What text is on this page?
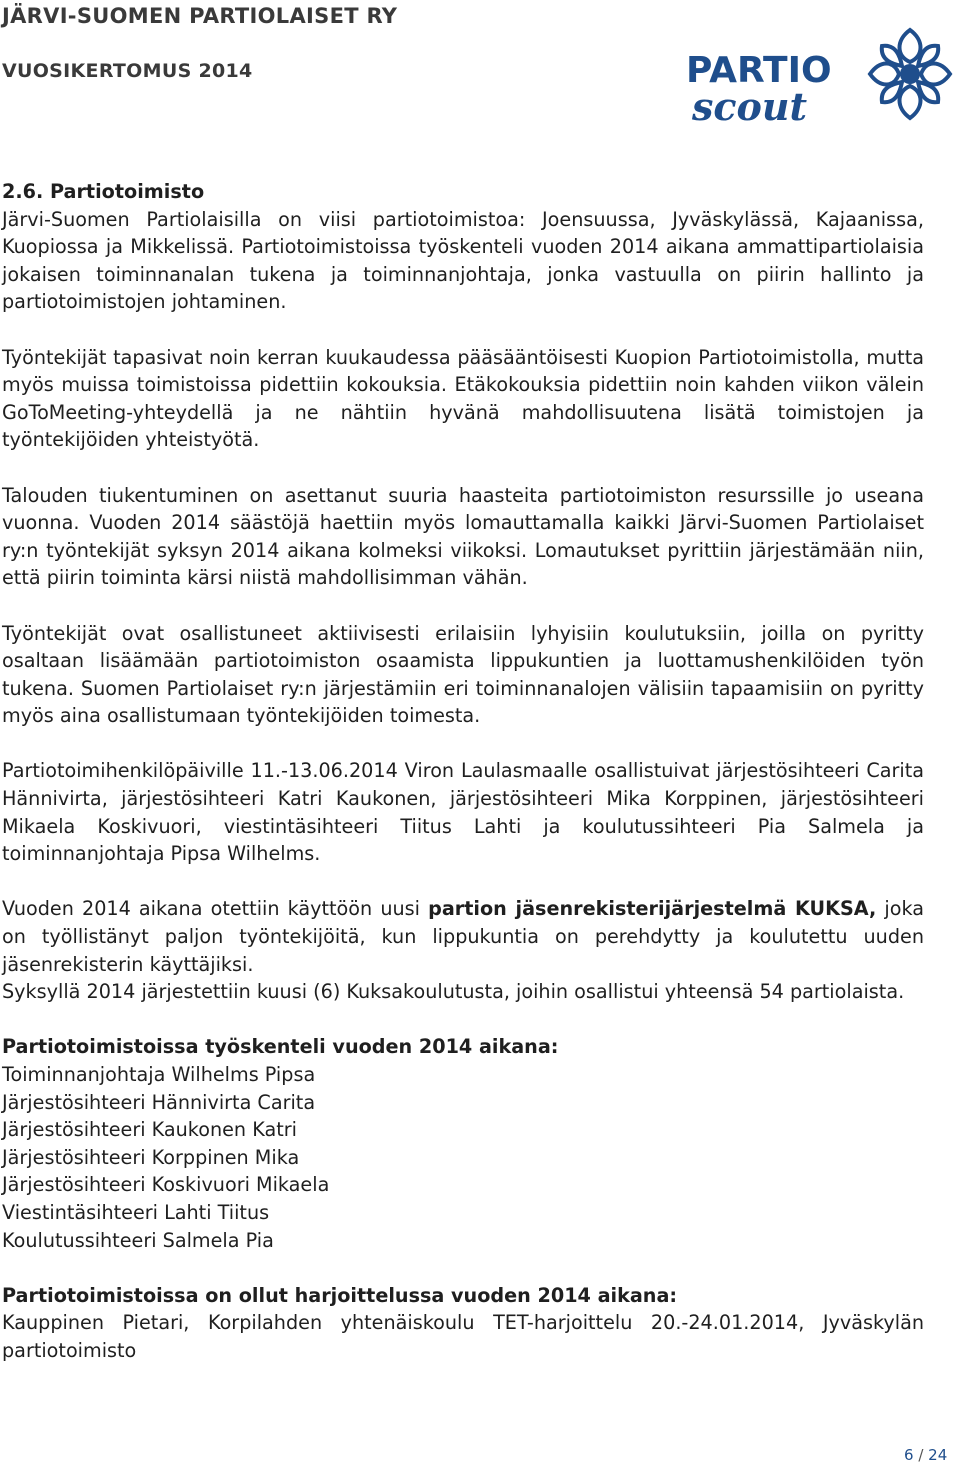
JÄRVI-SUOMEN PARTIOLAISET RY
VUOSIKERTOMUS 2014	PARTIO
scout

2.6. Partiotoimisto

Järvi-Suomen Partiolaisilla on viisi partiotoimistoa: Joensuussa, Jyväskylässä, Kajaanissa, Kuopiossa ja Mikkelissä. Partiotoimistoissa työskenteli vuoden 2014 aikana ammattipartiolaisia jokaisen toiminnanalan tukena ja toiminnanjohtaja, jonka vastuulla on piirin hallinto ja partiotoimistojen johtaminen.

Työntekijät tapasivat noin kerran kuukaudessa pääsääntöisesti Kuopion Partiotoimistolla, mutta myös muissa toimistoissa pidettiin kokouksia. Etäkokouksia pidettiin noin kahden viikon välein GoToMeeting-yhteydellä ja ne nähtiin hyvänä mahdollisuutena lisätä toimistojen ja työntekijöiden yhteistyötä.

Talouden tiukentuminen on asettanut suuria haasteita partiotoimiston resurssille jo useana vuonna. Vuoden 2014 säästöjä haettiin myös lomauttamalla kaikki Järvi-Suomen Partiolaiset ry:n työntekijät syksyn 2014 aikana kolmeksi viikoksi. Lomautukset pyrittiin järjestämään niin, että piirin toiminta kärsi niistä mahdollisimman vähän.

Työntekijät ovat osallistuneet aktiivisesti erilaisiin lyhyisiin koulutuksiin, joilla on pyritty osaltaan lisäämään partiotoimiston osaamista lippukuntien ja luottamushenkilöiden työn tukena. Suomen Partiolaiset ry:n järjestämiin eri toiminnanalojen välisiin tapaamisiin on pyritty myös aina osallistumaan työntekijöiden toimesta.

Partiotoimihenkilöpäiville 11.-13.06.2014 Viron Laulasmaalle osallistuivat järjestösihteeri Carita Hännivirta, järjestösihteeri Katri Kaukonen, järjestösihteeri Mika Korppinen, järjestösihteeri Mikaela Koskivuori, viestintäsihteeri Tiitus Lahti ja koulutussihteeri Pia Salmela ja toiminnanjohtaja Pipsa Wilhelms.

Vuoden 2014 aikana otettiin käyttöön uusi partion jäsenrekisterijärjestelmä KUKSA, joka on työllistänyt paljon työntekijöitä, kun lippukuntia on perehdytty ja koulutettu uuden jäsenrekisterin käyttäjiksi.

Syksyllä 2014 järjestettiin kuusi (6) Kuksakoulutusta, joihin osallistui yhteensä 54 partiolaista.

Partiotoimistoissa työskenteli vuoden 2014 aikana:

Toiminnanjohtaja Wilhelms Pipsa
Järjestösihteeri Hännivirta Carita
Järjestösihteeri Kaukonen Katri
Järjestösihteeri Korppinen Mika
Järjestösihteeri Koskivuori Mikaela
Viestintäsihteeri Lahti Tiitus
Koulutussihteeri Salmela Pia

Partiotoimistoissa on ollut harjoittelussa vuoden 2014 aikana:

Kauppinen Pietari, Korpilahden yhtenäiskoulu TET-harjoittelu 20.-24.01.2014, Jyväskylän partiotoimisto

6 / 24
